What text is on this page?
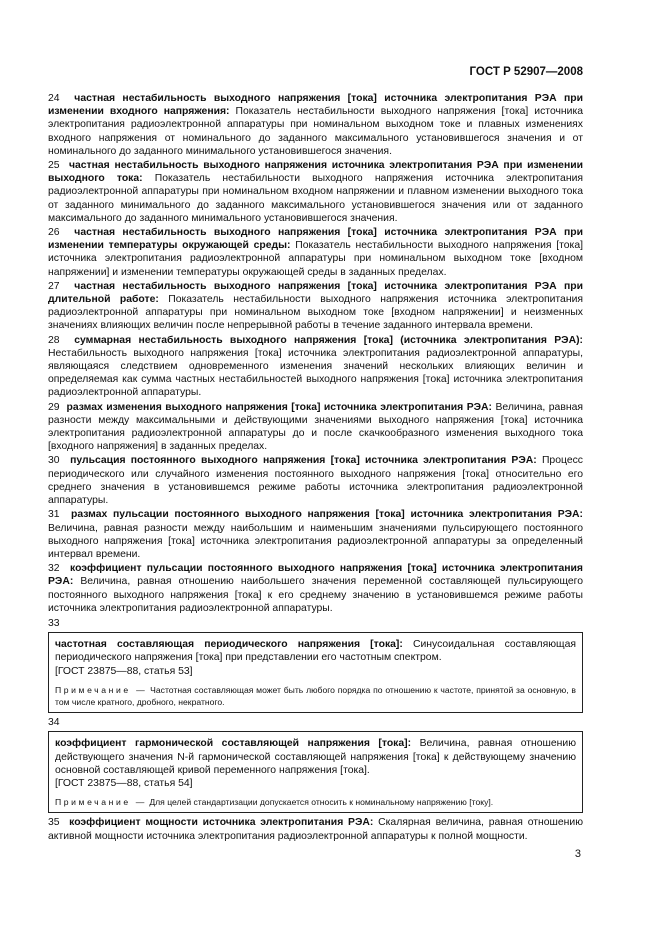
ГОСТ Р 52907—2008

24 частная нестабильность выходного напряжения [тока] источника электропитания РЭА при изменении входного напряжения: Показатель нестабильности выходного напряжения [тока] источника электропитания радиоэлектронной аппаратуры при номинальном выходном токе и плавных изменениях входного напряжения от номинального до заданного максимального установившегося значения и от номинального до заданного минимального установившегося значения.

25 частная нестабильность выходного напряжения источника электропитания РЭА при изменении выходного тока: Показатель нестабильности выходного напряжения источника электропитания радиоэлектронной аппаратуры при номинальном входном напряжении и плавном изменении выходного тока от заданного минимального до заданного максимального установившегося значения или от заданного максимального до заданного минимального установившегося значения.

26 частная нестабильность выходного напряжения [тока] источника электропитания РЭА при изменении температуры окружающей среды: Показатель нестабильности выходного напряжения [тока] источника электропитания радиоэлектронной аппаратуры при номинальном выходном токе [входном напряжении] и изменении температуры окружающей среды в заданных пределах.

27 частная нестабильность выходного напряжения [тока] источника электропитания РЭА при длительной работе: Показатель нестабильности выходного напряжения источника электропитания радиоэлектронной аппаратуры при номинальном выходном токе [входном напряжении] и неизменных значениях влияющих величин после непрерывной работы в течение заданного интервала времени.

28 суммарная нестабильность выходного напряжения [тока] (источника электропитания РЭА): Нестабильность выходного напряжения [тока] источника электропитания радиоэлектронной аппаратуры, являющаяся следствием одновременного изменения значений нескольких влияющих величин и определяемая как сумма частных нестабильностей выходного напряжения [тока] источника электропитания радиоэлектронной аппаратуры.

29 размах изменения выходного напряжения [тока] источника электропитания РЭА: Величина, равная разности между максимальными и действующими значениями выходного напряжения [тока] источника электропитания радиоэлектронной аппаратуры до и после скачкообразного изменения выходного тока [входного напряжения] в заданных пределах.

30 пульсация постоянного выходного напряжения [тока] источника электропитания РЭА: Процесс периодического или случайного изменения постоянного выходного напряжения [тока] относительно его среднего значения в установившемся режиме работы источника электропитания радиоэлектронной аппаратуры.

31 размах пульсации постоянного выходного напряжения [тока] источника электропитания РЭА: Величина, равная разности между наибольшим и наименьшим значениями пульсирующего постоянного выходного напряжения [тока] источника электропитания радиоэлектронной аппаратуры за определенный интервал времени.

32 коэффициент пульсации постоянного выходного напряжения [тока] источника электропитания РЭА: Величина, равная отношению наибольшего значения переменной составляющей пульсирующего постоянного выходного напряжения [тока] к его среднему значению в установившемся режиме работы источника электропитания радиоэлектронной аппаратуры.

33

частотная составляющая периодического напряжения [тока]: Синусоидальная составляющая периодического напряжения [тока] при представлении его частотным спектром.

[ГОСТ 23875—88, статья 53]

Примечание — Частотная составляющая может быть любого порядка по отношению к частоте, принятой за основную, в том числе кратного, дробного, некратного.

34

коэффициент гармонической составляющей напряжения [тока]: Величина, равная отношению действующего значения N-й гармонической составляющей напряжения [тока] к действующему значению основной составляющей кривой переменного напряжения [тока].

[ГОСТ 23875—88, статья 54]

Примечание — Для целей стандартизации допускается относить к номинальному напряжению [току].

35 коэффициент мощности источника электропитания РЭА: Скалярная величина, равная отношению активной мощности источника электропитания радиоэлектронной аппаратуры к полной мощности.

3
